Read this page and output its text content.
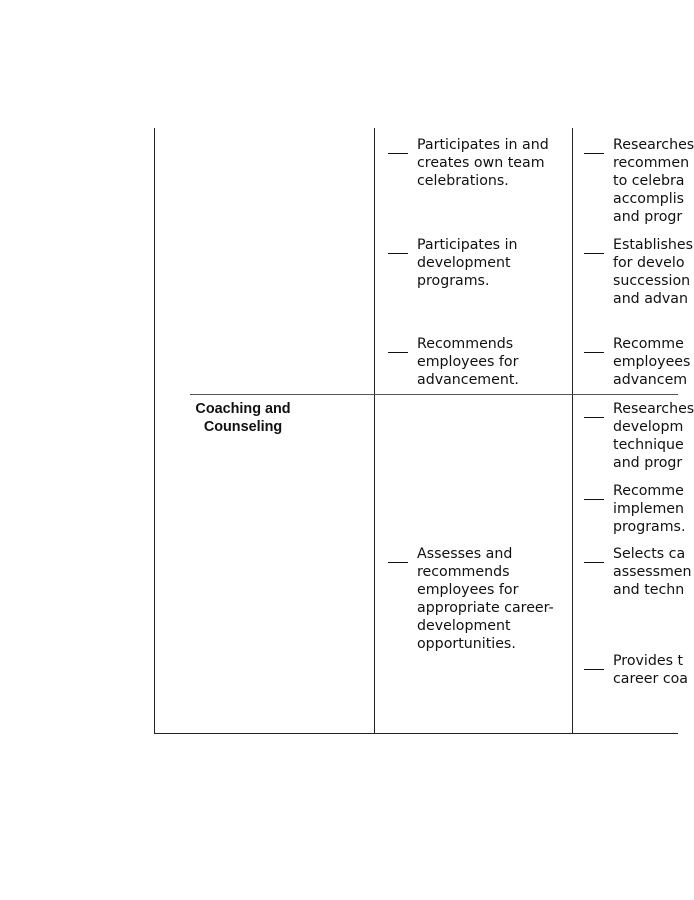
Coaching and
Counseling
Participates in and
creates own team
celebrations.
Participates in
development
programs.
Recommends
employees for
advancement.
Researches
recommen
to celebra
accomplis
and progr
Establishes
for develo
succession
and advan
Recomme
employees
advancem
Researches
developm
technique
and progr
Recomme
implemen
programs.
Selects ca
assessmen
and techn
Provides t
career coa
Assesses and
recommends
employees for
appropriate career-
development
opportunities.
